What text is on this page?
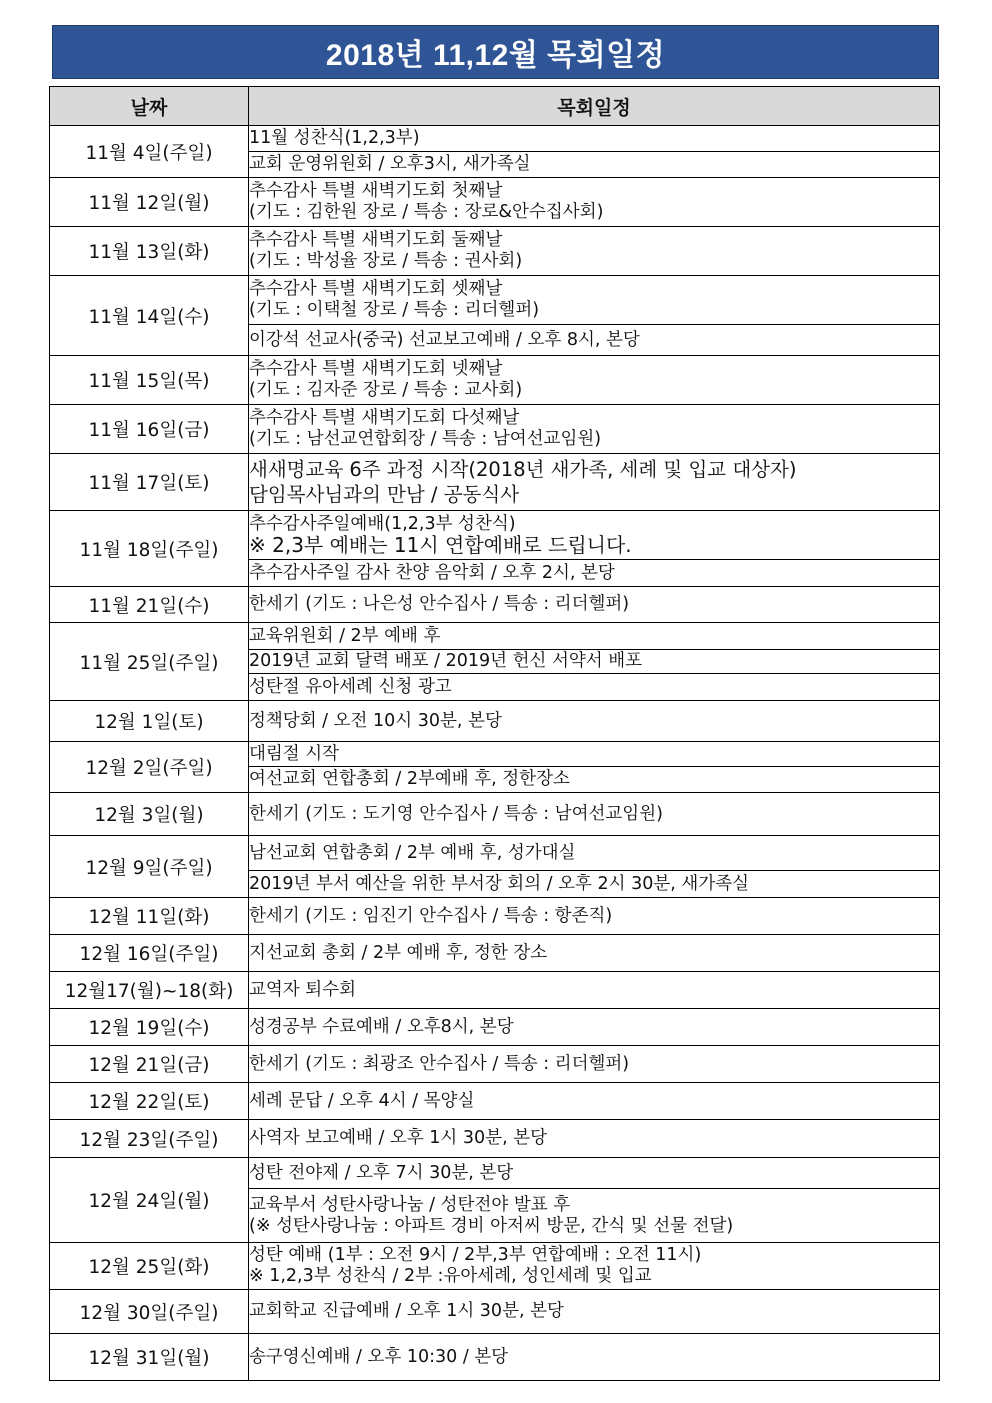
2018년 11,12월 목회일정
날짜	목회일정
11월 4일(주일)	11월 성찬식(1,2,3부)

	교회 운영위원회 / 오후3시, 새가족실

11월 12일(월)	추수감사 특별 새벽기도회 첫째날
(기도 : 김한원 장로 / 특송 : 장로&안수집사회)

11월 13일(화)	추수감사 특별 새벽기도회 둘째날
(기도 : 박성율 장로 / 특송 : 권사회)

11월 14일(수)	추수감사 특별 새벽기도회 셋째날
(기도 : 이택철 장로 / 특송 : 리더헬퍼)

	이강석 선교사(중국) 선교보고예배 / 오후 8시, 본당

11월 15일(목)	추수감사 특별 새벽기도회 넷째날
(기도 : 김자준 장로 / 특송 : 교사회)

11월 16일(금)	추수감사 특별 새벽기도회 다섯째날
(기도 : 남선교연합회장 / 특송 : 남여선교임원)

11월 17일(토)	새새명교육 6주 과정 시작(2018년 새가족, 세례 및 입교 대상자)
담임목사님과의 만남 / 공동식사

11월 18일(주일)	추수감사주일예배(1,2,3부 성찬식)
※ 2,3부 예배는 11시 연합예배로 드립니다.

	추수감사주일 감사 찬양 음악회 / 오후 2시, 본당

11월 21일(수)	한세기 (기도 : 나은성 안수집사 / 특송 : 리더헬퍼)

11월 25일(주일)	교육위원회 / 2부 예배 후

	2019년 교회 달력 배포 / 2019년 헌신 서약서 배포

	성탄절 유아세례 신청 광고

12월 1일(토)	정책당회 / 오전 10시 30분, 본당

12월 2일(주일)	대림절 시작

	여선교회 연합총회 / 2부예배 후, 정한장소

12월 3일(월)	한세기 (기도 : 도기영 안수집사 / 특송 : 남여선교임원)

12월 9일(주일)	남선교회 연합총회 / 2부 예배 후, 성가대실

	2019년 부서 예산을 위한 부서장 회의 / 오후 2시 30분, 새가족실

12월 11일(화)	한세기 (기도 : 임진기 안수집사 / 특송 : 항존직)

12월 16일(주일)	지선교회 총회 / 2부 예배 후, 정한 장소

12월17(월)~18(화)	교역자 퇴수회

12월 19일(수)	성경공부 수료예배 / 오후8시, 본당

12월 21일(금)	한세기 (기도 : 최광조 안수집사 / 특송 : 리더헬퍼)

12월 22일(토)	세례 문답 / 오후 4시 / 목양실

12월 23일(주일)	사역자 보고예배 / 오후 1시 30분, 본당

12월 24일(월)	성탄 전야제 / 오후 7시 30분, 본당

	교육부서 성탄사랑나눔 / 성탄전야 발표 후
(※ 성탄사랑나눔 : 아파트 경비 아저씨 방문, 간식 및 선물 전달)

12월 25일(화)	성탄 예배 (1부 : 오전 9시 / 2부,3부 연합예배 : 오전 11시)
※ 1,2,3부 성찬식 / 2부 :유아세례, 성인세례 및 입교

12월 30일(주일)	교회학교 진급예배 / 오후 1시 30분, 본당

12월 31일(월)	송구영신예배 / 오후 10:30 / 본당
